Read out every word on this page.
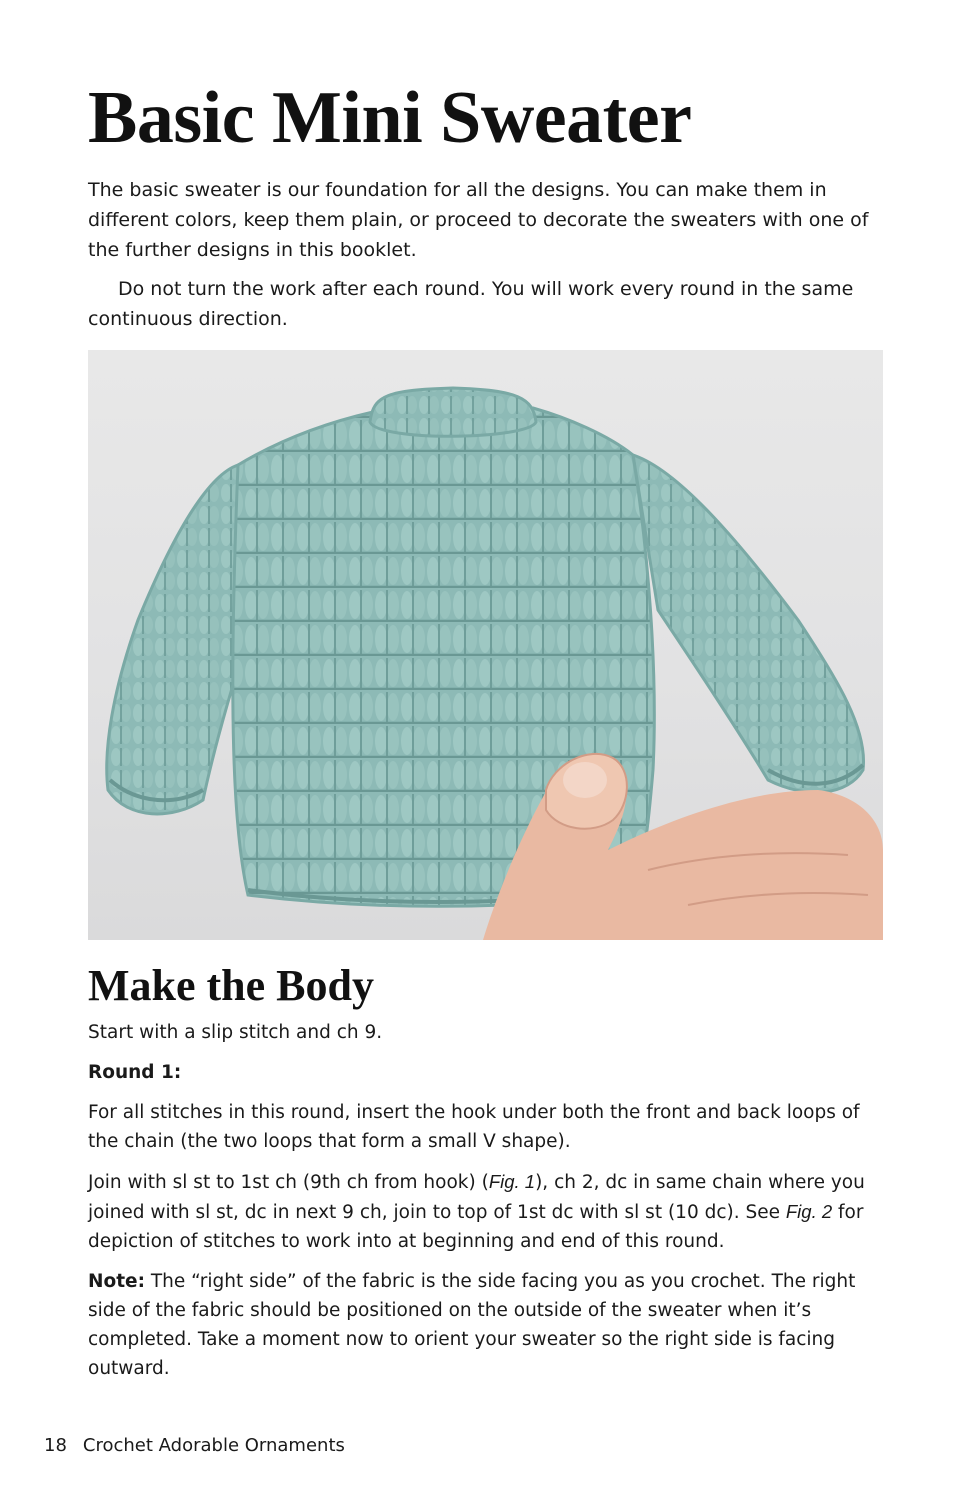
Basic Mini Sweater

The basic sweater is our foundation for all the designs. You can make them in different colors, keep them plain, or proceed to decorate the sweaters with one of the further designs in this booklet.

Do not turn the work after each round. You will work every round in the same continuous direction.

Make the Body

Start with a slip stitch and ch 9.

Round 1:

For all stitches in this round, insert the hook under both the front and back loops of the chain (the two loops that form a small V shape).

Join with sl st to 1st ch (9th ch from hook) (Fig. 1), ch 2, dc in same chain where you joined with sl st, dc in next 9 ch, join to top of 1st dc with sl st (10 dc). See Fig. 2 for depiction of stitches to work into at beginning and end of this round.

Note: The “right side” of the fabric is the side facing you as you crochet. The right side of the fabric should be positioned on the outside of the sweater when it’s completed. Take a moment now to orient your sweater so the right side is facing outward.

18 Crochet Adorable Ornaments
